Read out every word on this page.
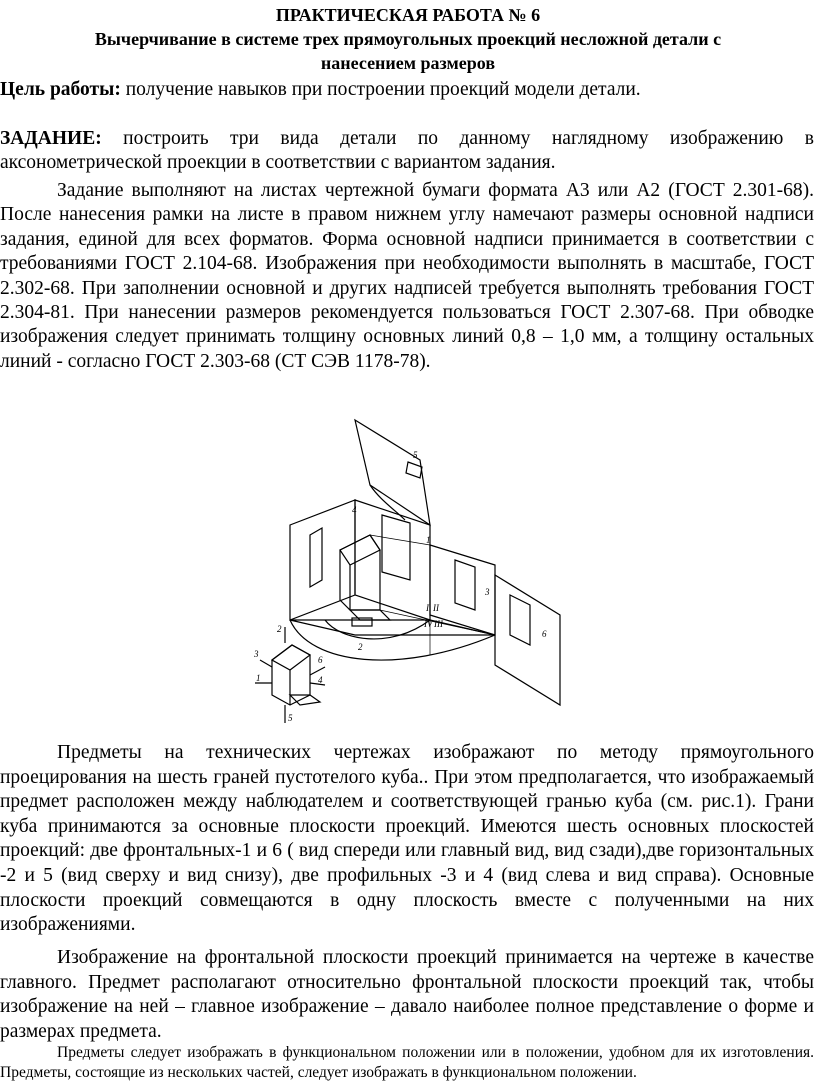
ПРАКТИЧЕСКАЯ РАБОТА № 6
Вычерчивание в системе трех прямоугольных проекций несложной детали с
нанесением размеров
Цель работы: получение навыков при построении проекций модели детали.
ЗАДАНИЕ: построить три вида детали по данному наглядному изображению в аксонометрической проекции в соответствии с вариантом задания.
Задание выполняют на листах чертежной бумаги формата А3 или А2 (ГОСТ 2.301-68). После нанесения рамки на листе в правом нижнем углу намечают размеры основной надписи задания, единой для всех форматов. Форма основной надписи принимается в соответствии с требованиями ГОСТ 2.104-68. Изображения при необходимости выполнять в масштабе, ГОСТ 2.302-68. При заполнении основной и других надписей требуется выполнять требования ГОСТ 2.304-81. При нанесении размеров рекомендуется пользоваться ГОСТ 2.307-68. При обводке изображения следует принимать толщину основных линий 0,8 – 1,0 мм, а толщину остальных линий - согласно ГОСТ 2.303-68 (СТ СЭВ 1178-78).
5
4
1
3
6
2
I II
IV III
2
3
1
6
4
5
Предметы на технических чертежах изображают по методу прямоугольного проецирования на шесть граней пустотелого куба.. При этом предполагается, что изображаемый предмет расположен между наблюдателем и соответствующей гранью куба (см. рис.1). Грани куба принимаются за основные плоскости проекций. Имеются шесть основных плоскостей проекций: две фронтальных-1 и 6 ( вид спереди или главный вид, вид сзади),две горизонтальных -2 и 5 (вид сверху и вид снизу), две профильных -3 и 4 (вид слева и вид справа). Основные плоскости проекций совмещаются в одну плоскость вместе с полученными на них изображениями.
Изображение на фронтальной плоскости проекций принимается на чертеже в качестве главного. Предмет располагают относительно фронтальной плоскости проекций так, чтобы изображение на ней – главное изображение – давало наиболее полное представление о форме и размерах предмета.
Предметы следует изображать в функциональном положении или в положении, удобном для их изготовления. Предметы, состоящие из нескольких частей, следует изображать в функциональном положении.
